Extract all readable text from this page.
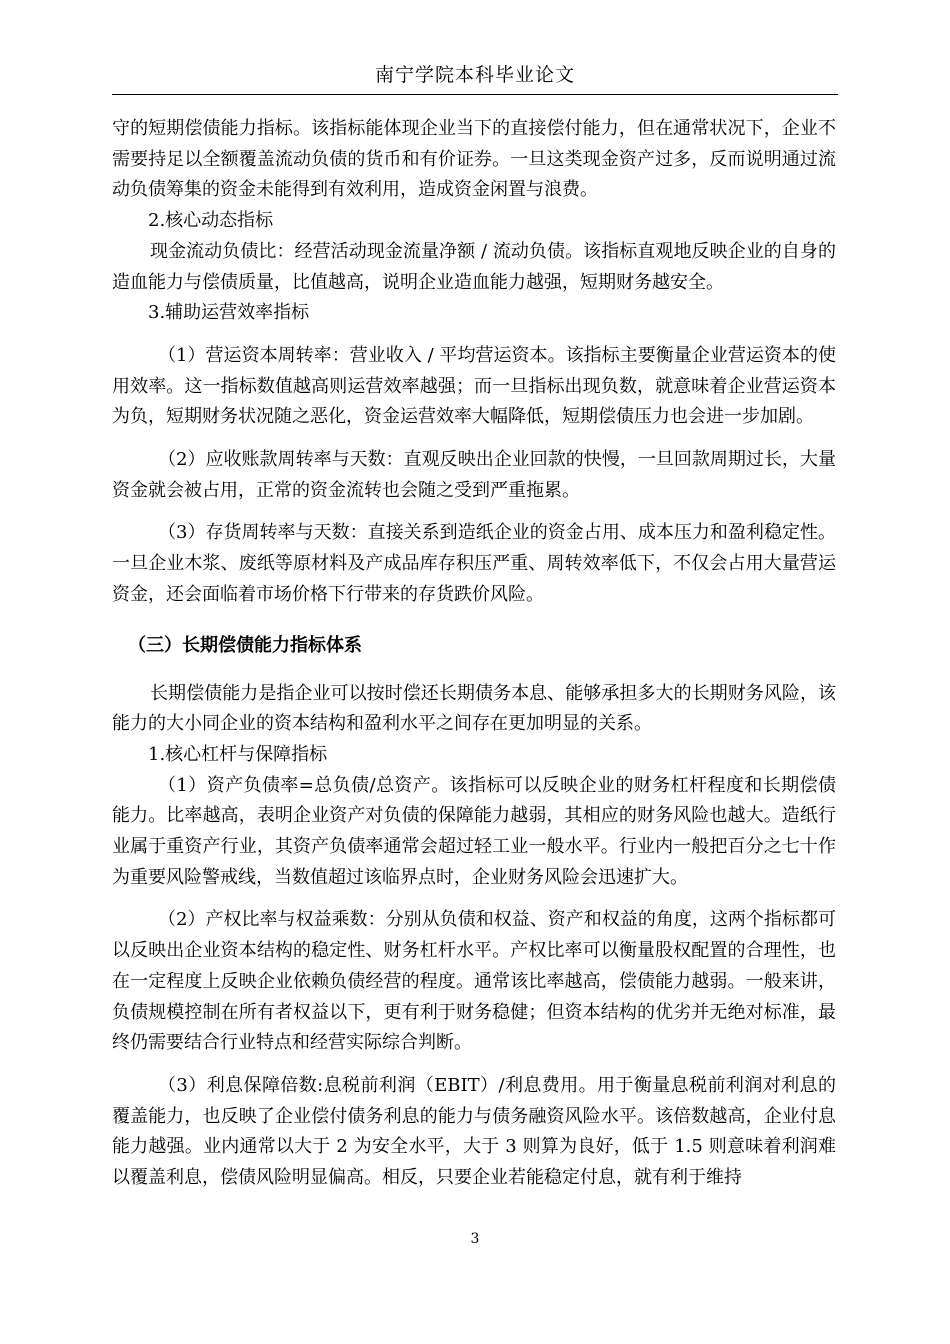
南宁学院本科毕业论文

守的短期偿债能力指标。该指标能体现企业当下的直接偿付能力，但在通常状况下，企业不需要持足以全额覆盖流动负债的货币和有价证券。一旦这类现金资产过多，反而说明通过流动负债筹集的资金未能得到有效利用，造成资金闲置与浪费。

2.核心动态指标

现金流动负债比：经营活动现金流量净额 / 流动负债。该指标直观地反映企业的自身的造血能力与偿债质量，比值越高，说明企业造血能力越强，短期财务越安全。

3.辅助运营效率指标

（1）营运资本周转率：营业收入 / 平均营运资本。该指标主要衡量企业营运资本的使用效率。这一指标数值越高则运营效率越强；而一旦指标出现负数，就意味着企业营运资本为负，短期财务状况随之恶化，资金运营效率大幅降低，短期偿债压力也会进一步加剧。

（2）应收账款周转率与天数：直观反映出企业回款的快慢，一旦回款周期过长，大量资金就会被占用，正常的资金流转也会随之受到严重拖累。

（3）存货周转率与天数：直接关系到造纸企业的资金占用、成本压力和盈利稳定性。一旦企业木浆、废纸等原材料及产成品库存积压严重、周转效率低下，不仅会占用大量营运资金，还会面临着市场价格下行带来的存货跌价风险。

（三）长期偿债能力指标体系

长期偿债能力是指企业可以按时偿还长期债务本息、能够承担多大的长期财务风险，该能力的大小同企业的资本结构和盈利水平之间存在更加明显的关系。

1.核心杠杆与保障指标

（1）资产负债率=总负债/总资产。该指标可以反映企业的财务杠杆程度和长期偿债能力。比率越高，表明企业资产对负债的保障能力越弱，其相应的财务风险也越大。造纸行业属于重资产行业，其资产负债率通常会超过轻工业一般水平。行业内一般把百分之七十作为重要风险警戒线，当数值超过该临界点时，企业财务风险会迅速扩大。

（2）产权比率与权益乘数：分别从负债和权益、资产和权益的角度，这两个指标都可以反映出企业资本结构的稳定性、财务杠杆水平。产权比率可以衡量股权配置的合理性，也在一定程度上反映企业依赖负债经营的程度。通常该比率越高，偿债能力越弱。一般来讲，负债规模控制在所有者权益以下，更有利于财务稳健；但资本结构的优劣并无绝对标准，最终仍需要结合行业特点和经营实际综合判断。

（3）利息保障倍数:息税前利润（EBIT）/利息费用。用于衡量息税前利润对利息的覆盖能力，也反映了企业偿付债务利息的能力与债务融资风险水平。该倍数越高，企业付息能力越强。业内通常以大于 2 为安全水平，大于 3 则算为良好，低于 1.5 则意味着利润难以覆盖利息，偿债风险明显偏高。相反，只要企业若能稳定付息，就有利于维持

3
